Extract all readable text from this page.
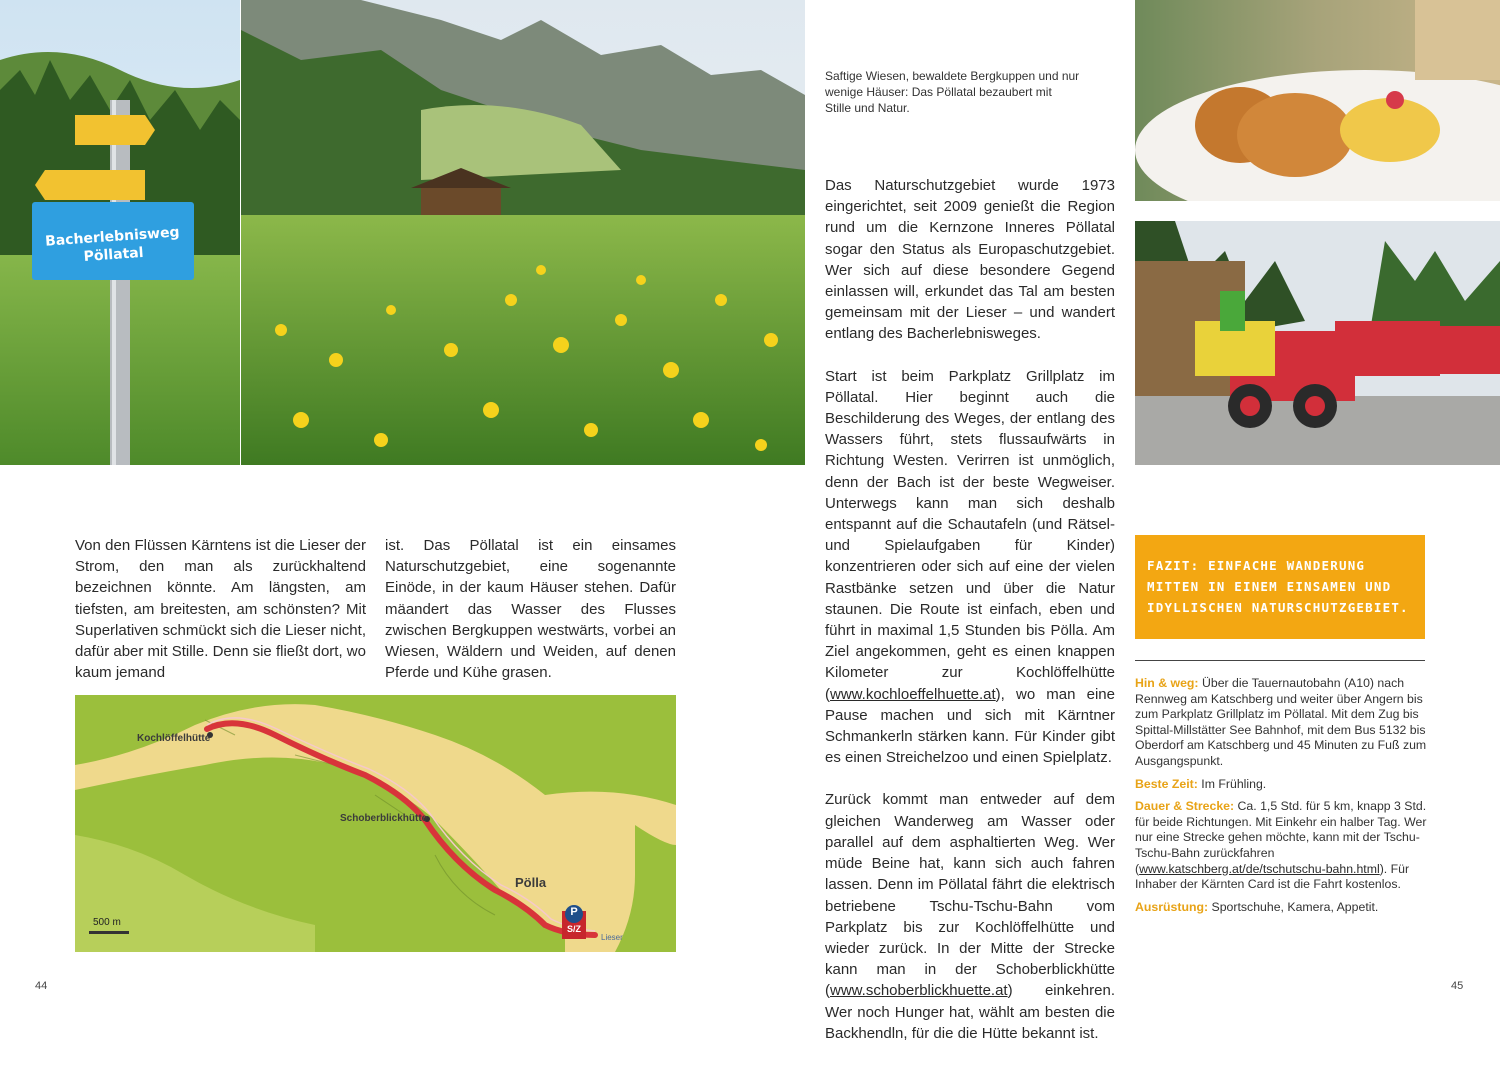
Bacherlebnisweg
Pöllatal
Von den Flüssen Kärntens ist die Lieser der Strom, den man als zurückhaltend bezeichnen könnte. Am längsten, am tiefsten, am breitesten, am schönsten? Mit Superlativen schmückt sich die Lieser nicht, dafür aber mit Stille. Denn sie fließt dort, wo kaum jemand
ist. Das Pöllatal ist ein einsames Naturschutzgebiet, eine sogenannte Einöde, in der kaum Häuser stehen. Dafür mäandert das Wasser des Flusses zwischen Bergkuppen westwärts, vorbei an Wiesen, Wäldern und Weiden, auf denen Pferde und Kühe grasen.
Kochlöffelhütte
Schoberblickhütte
Pölla
Lieser
500 m
P
S/Z
44
Saftige Wiesen, bewaldete Bergkuppen und nur wenige Häuser: Das Pöllatal bezaubert mit Stille und Natur.

Das Naturschutzgebiet wurde 1973 eingerichtet, seit 2009 genießt die Region rund um die Kernzone Inneres Pöllatal sogar den Status als Europaschutzgebiet. Wer sich auf diese besondere Gegend einlassen will, erkundet das Tal am besten gemeinsam mit der Lieser – und wandert entlang des Bacherlebnisweges.

Start ist beim Parkplatz Grillplatz im Pöllatal. Hier beginnt auch die Beschilderung des Weges, der entlang des Wassers führt, stets flussaufwärts in Richtung Westen. Verirren ist unmöglich, denn der Bach ist der beste Wegweiser. Unterwegs kann man sich deshalb entspannt auf die Schautafeln (und Rätsel- und Spielaufgaben für Kinder) konzentrieren oder sich auf eine der vielen Rastbänke setzen und über die Natur staunen. Die Route ist einfach, eben und führt in maximal 1,5 Stunden bis Pölla. Am Ziel angekommen, geht es einen knappen Kilometer zur Kochlöffelhütte (www.kochloeffelhuette.at), wo man eine Pause machen und sich mit Kärntner Schmankerln stärken kann. Für Kinder gibt es einen Streichelzoo und einen Spielplatz.

Zurück kommt man entweder auf dem gleichen Wanderweg am Wasser oder parallel auf dem asphaltierten Weg. Wer müde Beine hat, kann sich auch fahren lassen. Denn im Pöllatal fährt die elektrisch betriebene Tschu-Tschu-Bahn vom Parkplatz bis zur Kochlöffelhütte und wieder zurück. In der Mitte der Strecke kann man in der Schoberblickhütte (www.schoberblickhuette.at) einkehren. Wer noch Hunger hat, wählt am besten die Backhendln, für die die Hütte bekannt ist.

FAZIT: EINFACHE WANDERUNG MITTEN IN EINEM EINSAMEN UND IDYLLISCHEN NATURSCHUTZGEBIET.

Hin & weg: Über die Tauernautobahn (A10) nach Rennweg am Katschberg und weiter über Angern bis zum Parkplatz Grillplatz im Pöllatal. Mit dem Zug bis Spittal-Millstätter See Bahnhof, mit dem Bus 5132 bis Oberdorf am Katschberg und 45 Minuten zu Fuß zum Ausgangspunkt.

Beste Zeit: Im Frühling.

Dauer & Strecke: Ca. 1,5 Std. für 5 km, knapp 3 Std. für beide Richtungen. Mit Einkehr ein halber Tag. Wer nur eine Strecke gehen möchte, kann mit der Tschu-Tschu-Bahn zurückfahren (www.katschberg.at/de/tschutschu-bahn.html). Für Inhaber der Kärnten Card ist die Fahrt kostenlos.

Ausrüstung: Sportschuhe, Kamera, Appetit.

45
